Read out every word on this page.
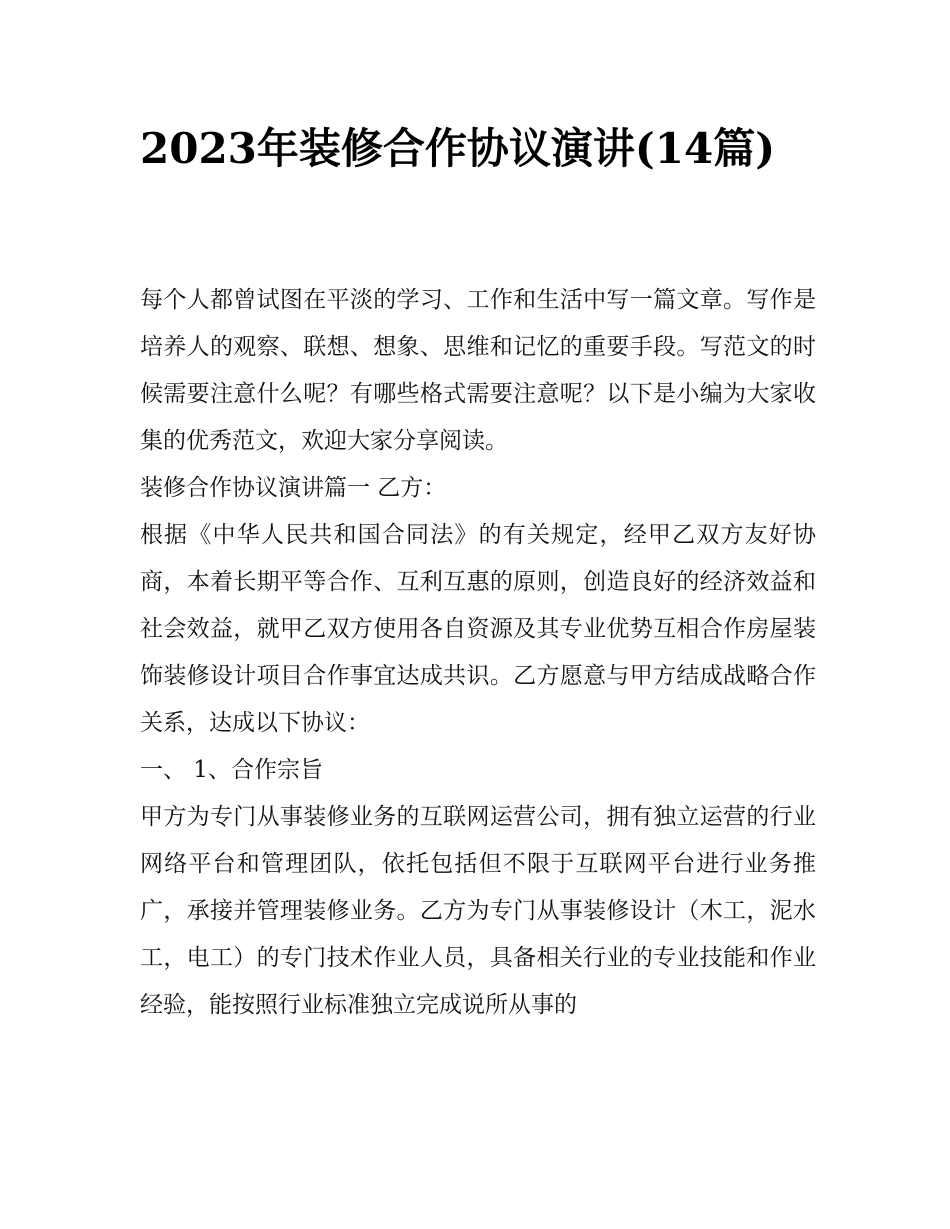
2023年装修合作协议演讲(14篇)

每个人都曾试图在平淡的学习、工作和生活中写一篇文章。写作是培养人的观察、联想、想象、思维和记忆的重要手段。写范文的时候需要注意什么呢？有哪些格式需要注意呢？以下是小编为大家收集的优秀范文，欢迎大家分享阅读。

装修合作协议演讲篇一 乙方：

根据《中华人民共和国合同法》的有关规定，经甲乙双方友好协商，本着长期平等合作、互利互惠的原则，创造良好的经济效益和社会效益，就甲乙双方使用各自资源及其专业优势互相合作房屋装饰装修设计项目合作事宜达成共识。乙方愿意与甲方结成战略合作关系，达成以下协议：

一、 1、合作宗旨

甲方为专门从事装修业务的互联网运营公司，拥有独立运营的行业网络平台和管理团队，依托包括但不限于互联网平台进行业务推广，承接并管理装修业务。乙方为专门从事装修设计（木工，泥水工，电工）的专门技术作业人员，具备相关行业的专业技能和作业经验，能按照行业标准独立完成说所从事的
